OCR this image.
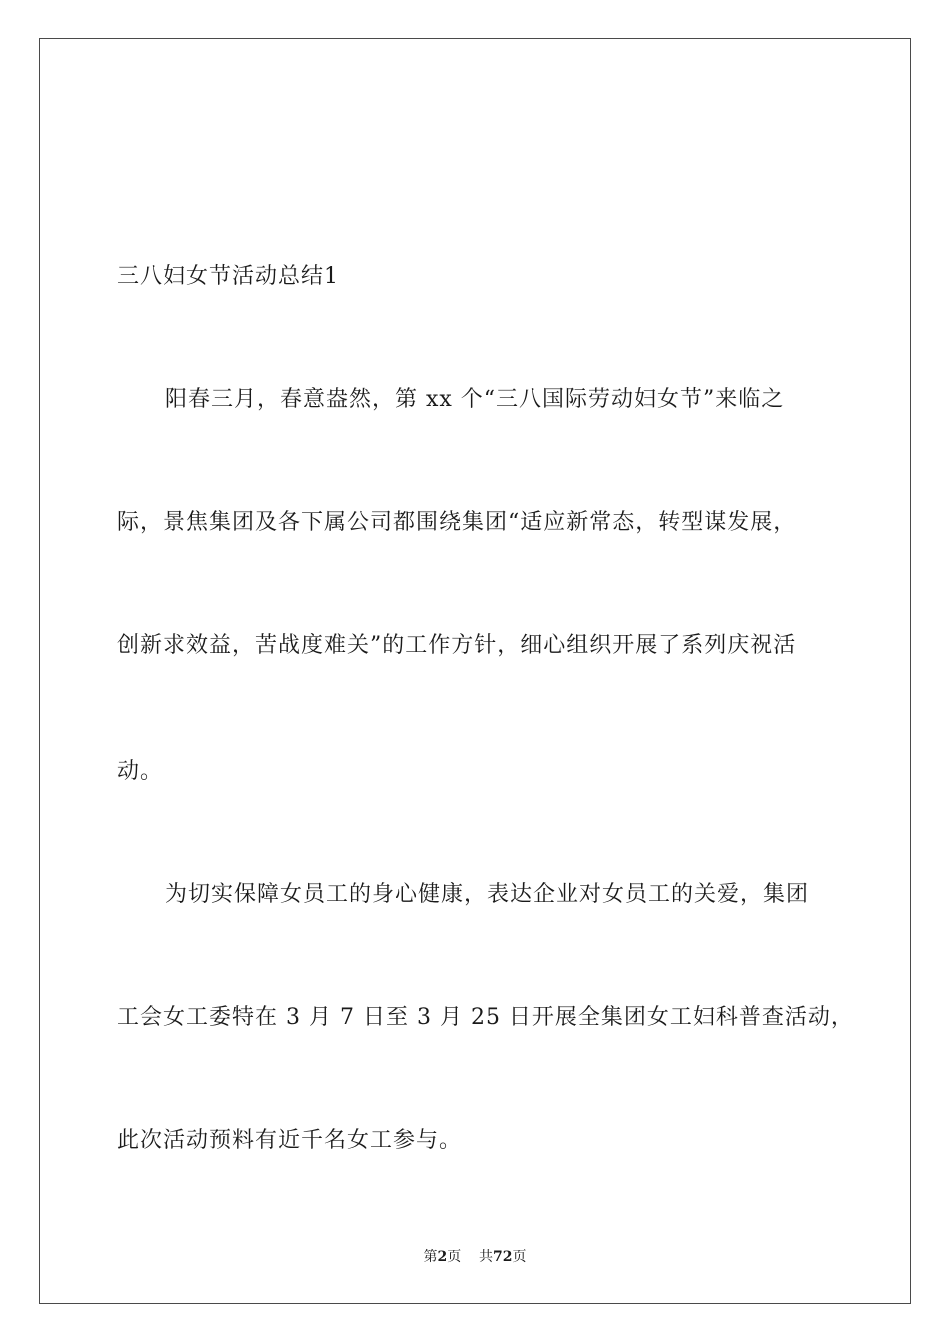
三八妇女节活动总结1
阳春三月，春意盎然，第 xx 个“三八国际劳动妇女节”来临之
际，景焦集团及各下属公司都围绕集团“适应新常态，转型谋发展，
创新求效益，苦战度难关”的工作方针，细心组织开展了系列庆祝活
动。
为切实保障女员工的身心健康，表达企业对女员工的关爱，集团
工会女工委特在 3 月 7 日至 3 月 25 日开展全集团女工妇科普查活动，
此次活动预料有近千名女工参与。
第2页 共72页
